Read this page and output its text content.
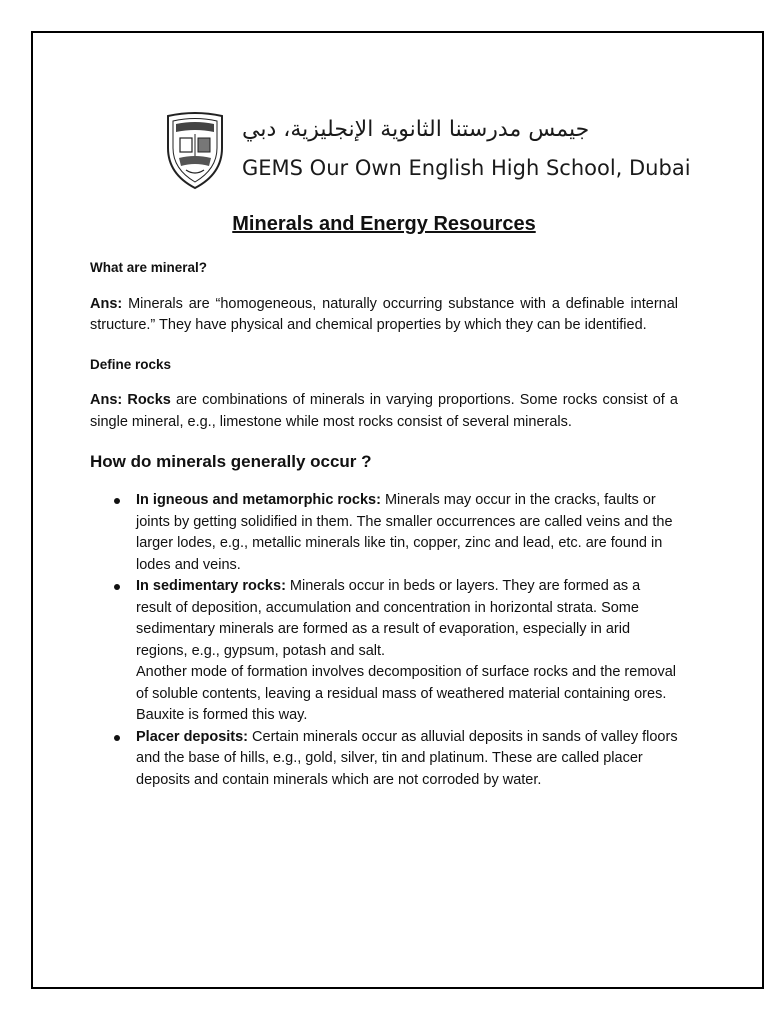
جيمس مدرستنا الثانوية الإنجليزية، دبي
GEMS Our Own English High School, Dubai
Minerals and Energy Resources

What are mineral?

Ans: Minerals are “homogeneous, naturally occurring substance with a definable internal structure.” They have physical and chemical properties by which they can be identified.

Define rocks

Ans: Rocks are combinations of minerals in varying proportions. Some rocks consist of a single mineral, e.g., limestone while most rocks consist of several minerals.

How do minerals generally occur ?

In igneous and metamorphic rocks: Minerals may occur in the cracks, faults or joints by getting solidified in them. The smaller occurrences are called veins and the larger lodes, e.g., metallic minerals like tin, copper, zinc and lead, etc. are found in lodes and veins.
In sedimentary rocks: Minerals occur in beds or layers. They are formed as a result of deposition, accumulation and concentration in horizontal strata. Some sedimentary minerals are formed as a result of evaporation, especially in arid regions, e.g., gypsum, potash and salt.
Another mode of formation involves decomposition of surface rocks and the removal of soluble contents, leaving a residual mass of weathered material containing ores. Bauxite is formed this way.
Placer deposits: Certain minerals occur as alluvial deposits in sands of valley floors and the base of hills, e.g., gold, silver, tin and platinum. These are called placer deposits and contain minerals which are not corroded by water.
